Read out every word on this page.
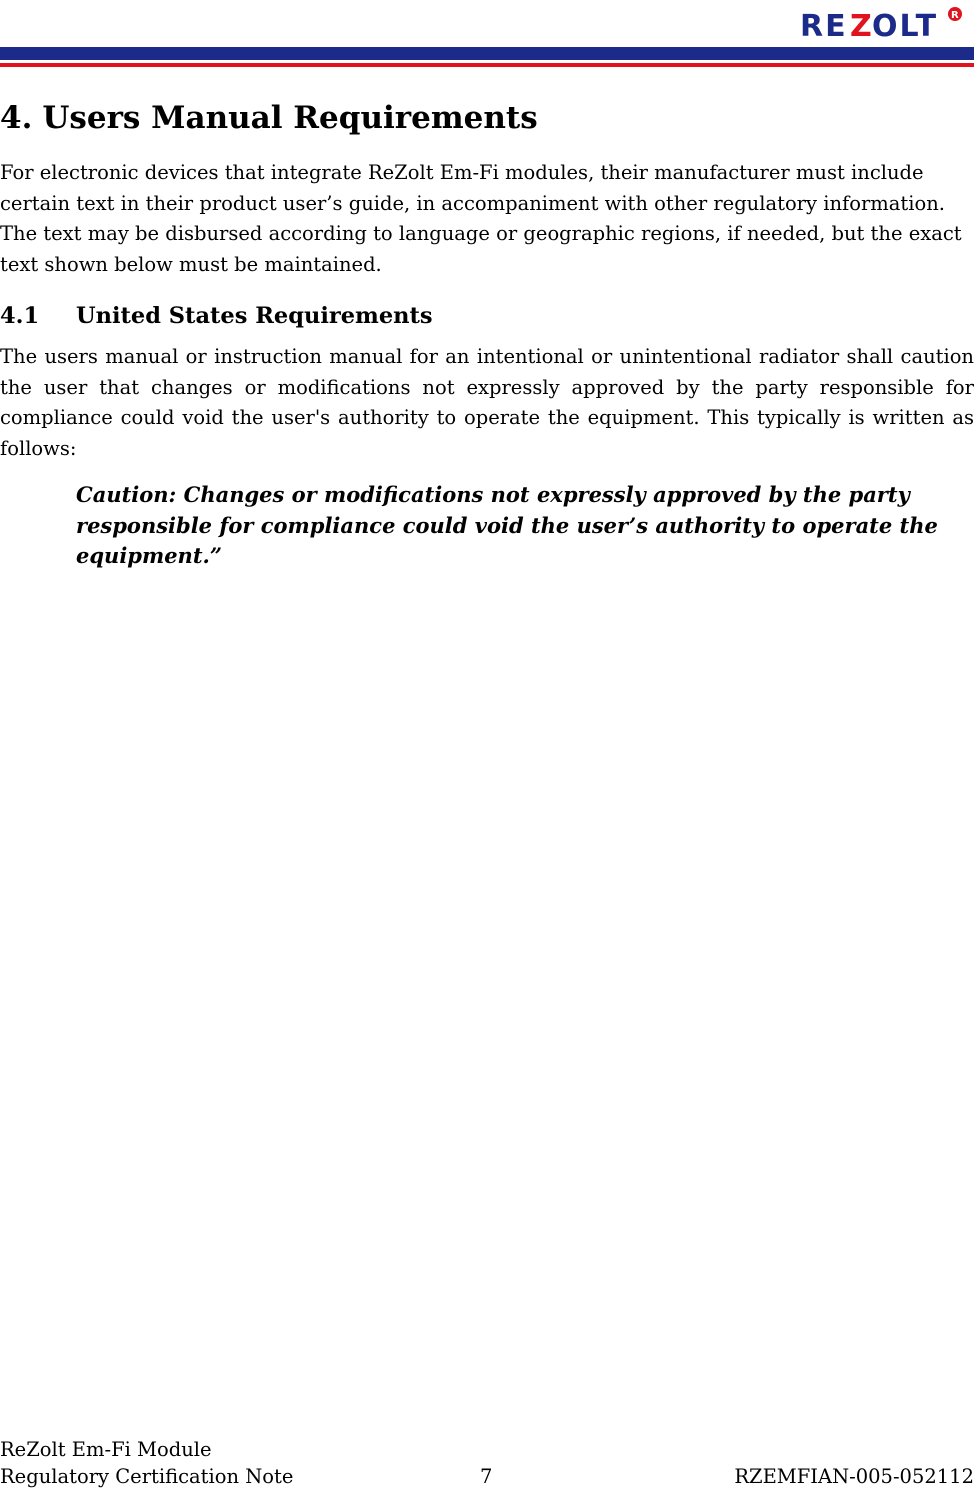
RE Z OLT R
4. Users Manual Requirements

For electronic devices that integrate ReZolt Em-Fi modules, their manufacturer must include certain text in their product user’s guide, in accompaniment with other regulatory information. The text may be disbursed according to language or geographic regions, if needed, but the exact text shown below must be maintained.

4.1 United States Requirements

The users manual or instruction manual for an intentional or unintentional radiator shall caution the user that changes or modifications not expressly approved by the party responsible for compliance could void the user's authority to operate the equipment. This typically is written as follows:

Caution: Changes or modifications not expressly approved by the party responsible for compliance could void the user’s authority to operate the equipment.”

ReZolt Em-Fi Module
Regulatory Certification Note	7	RZEMFIAN-005-052112
